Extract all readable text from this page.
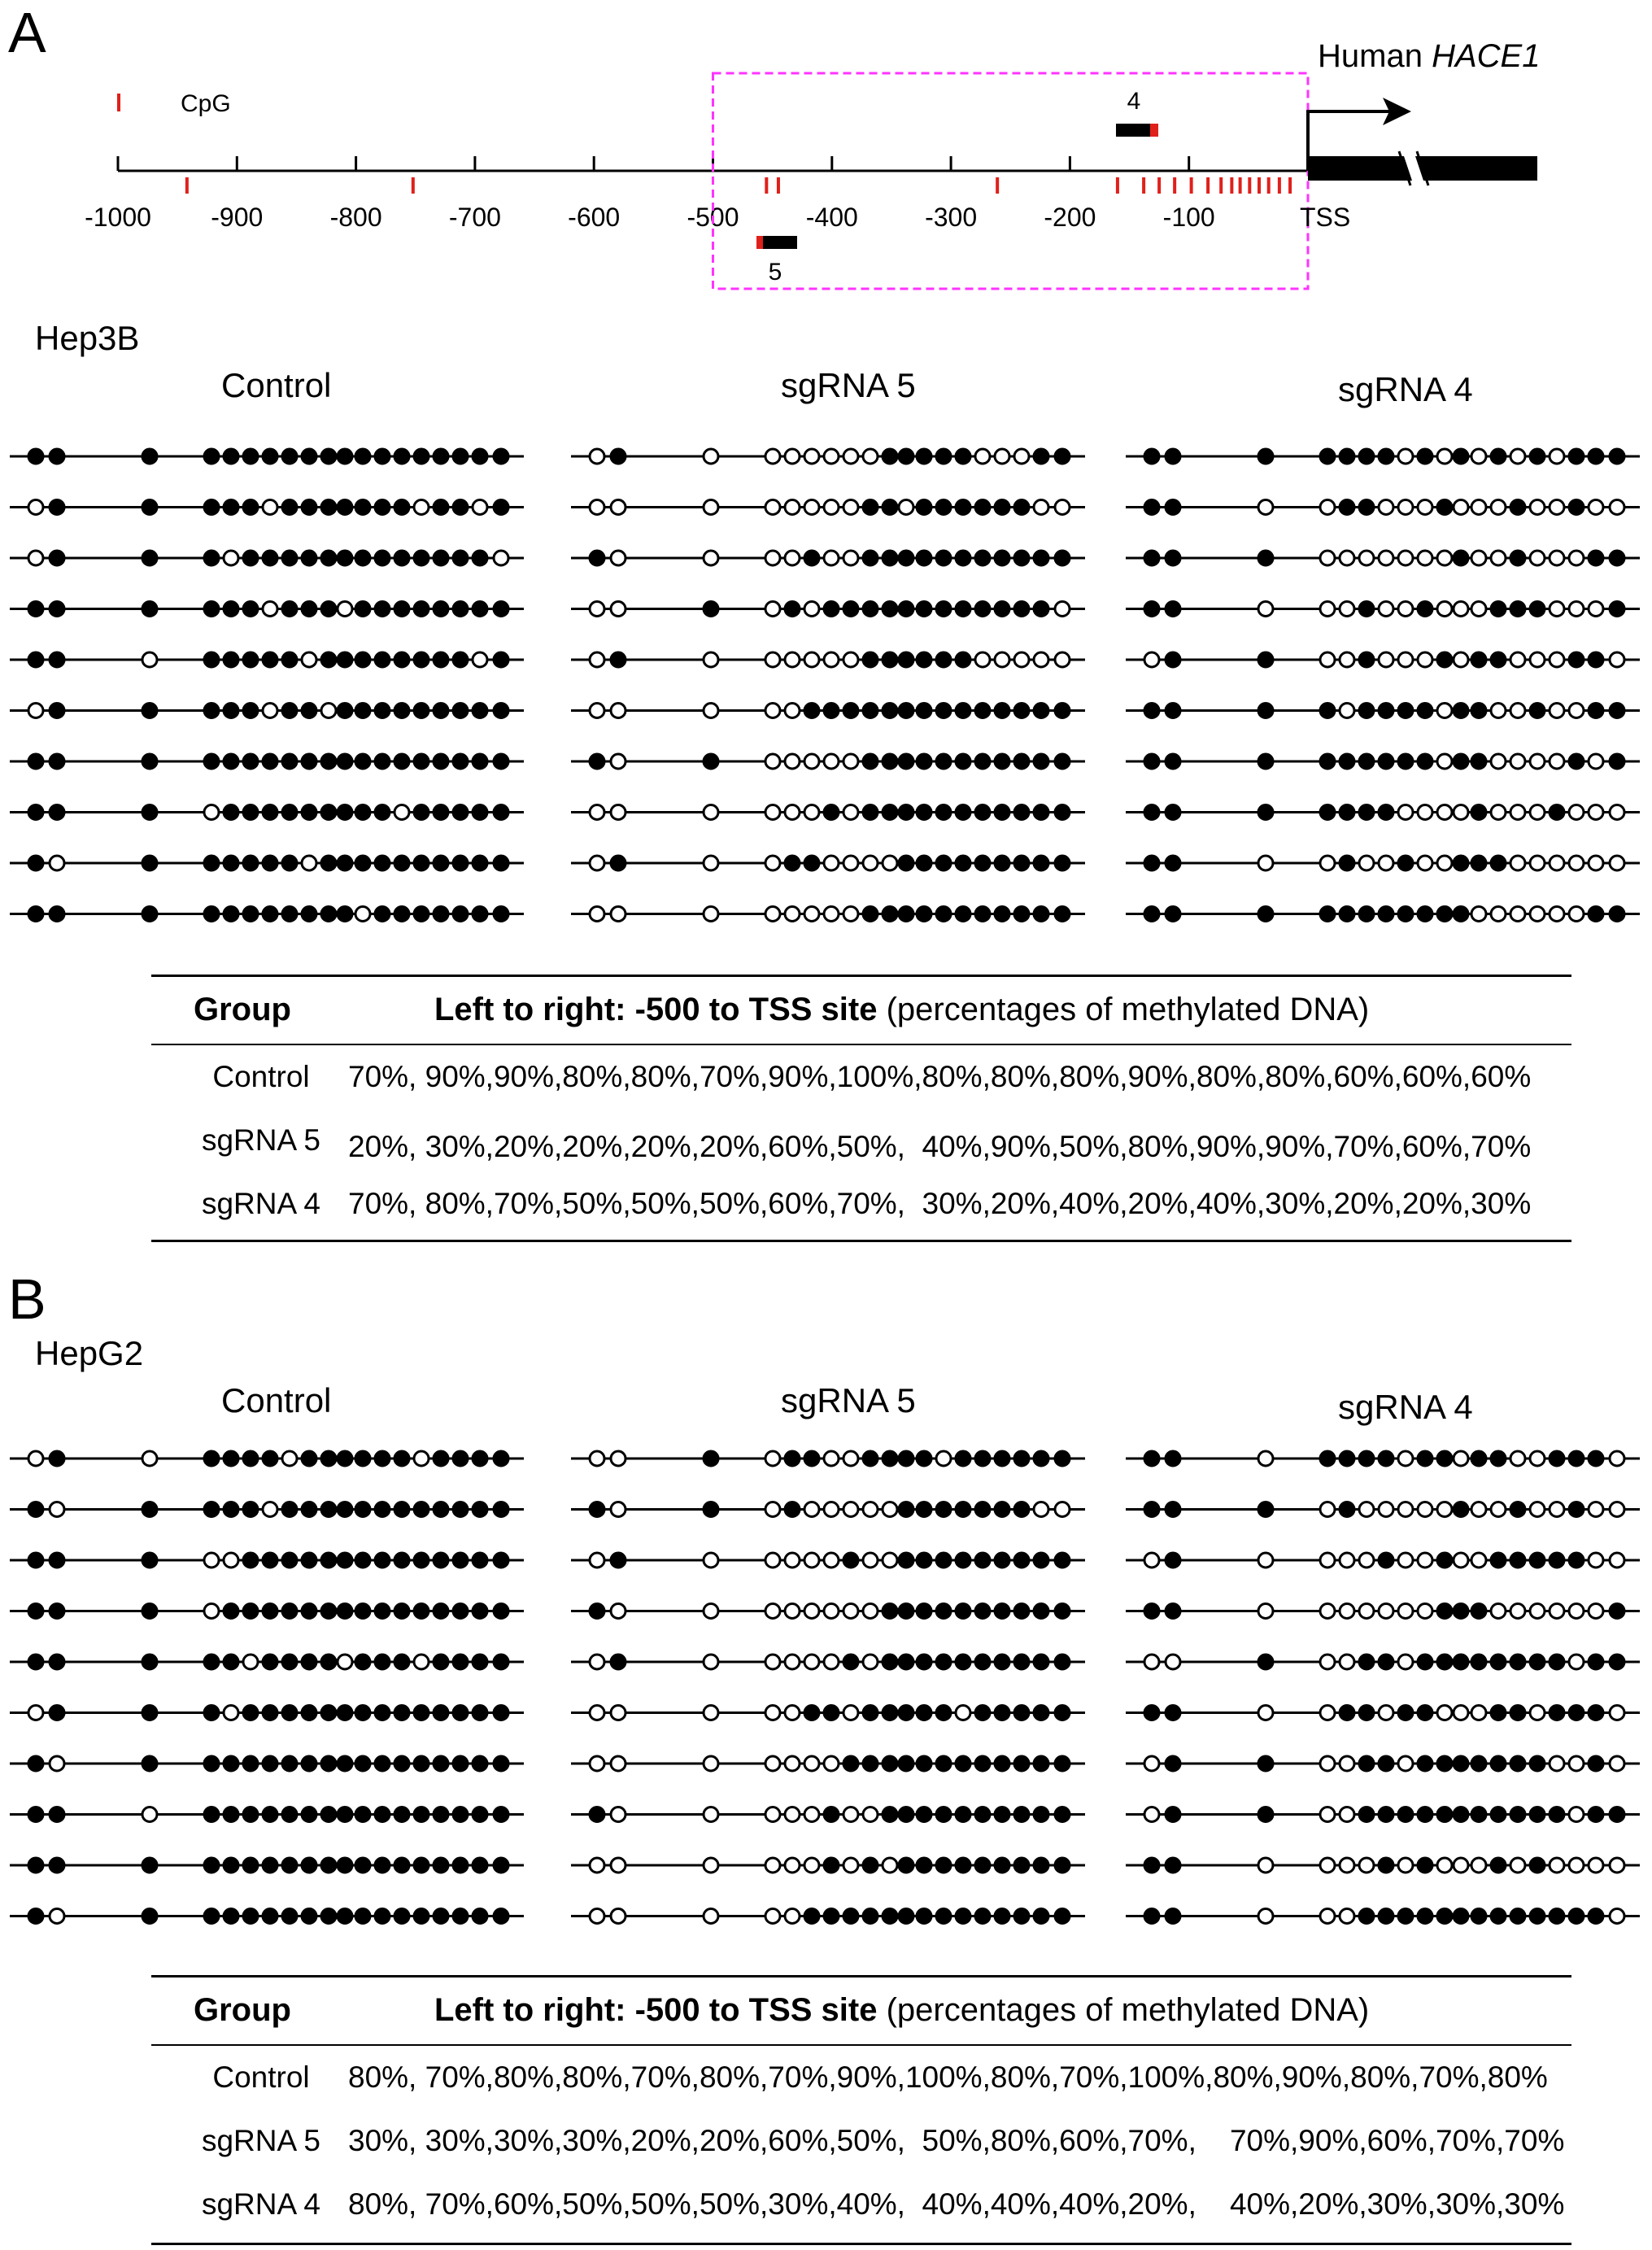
A
-1000 -900	-800	-700	-600	-500	-400	-300	-200	-100
CpG
TSS
Human HACE1
4
5
Hep3B
Control	sgRNA 5	sgRNA 4
Group	Left to right: -500 to TSS site (percentages of methylated DNA)
Control	70%, 90%,90%,80%,80%,70%,90%,100%,80%,80%,80%,90%,80%,80%,60%,60%,60%
sgRNA 5 20%, 30%,20%,20%,20%,20%,60%,50%,  40%,90%,50%,80%,90%,90%,70%,60%,70%
sgRNA 4 70%, 80%,70%,50%,50%,50%,60%,70%,  30%,20%,40%,20%,40%,30%,20%,20%,30%
B
HepG2
Control	sgRNA 5	sgRNA 4
Group	Left to right: -500 to TSS site (percentages of methylated DNA)
Control	80%, 70%,80%,80%,70%,80%,70%,90%,100%,80%,70%,100%,80%,90%,80%,70%,80%
sgRNA 5 30%, 30%,30%,30%,20%,20%,60%,50%,  50%,80%,60%,70%,    70%,90%,60%,70%,70%
sgRNA 4 80%, 70%,60%,50%,50%,50%,30%,40%,  40%,40%,40%,20%,    40%,20%,30%,30%,30%
